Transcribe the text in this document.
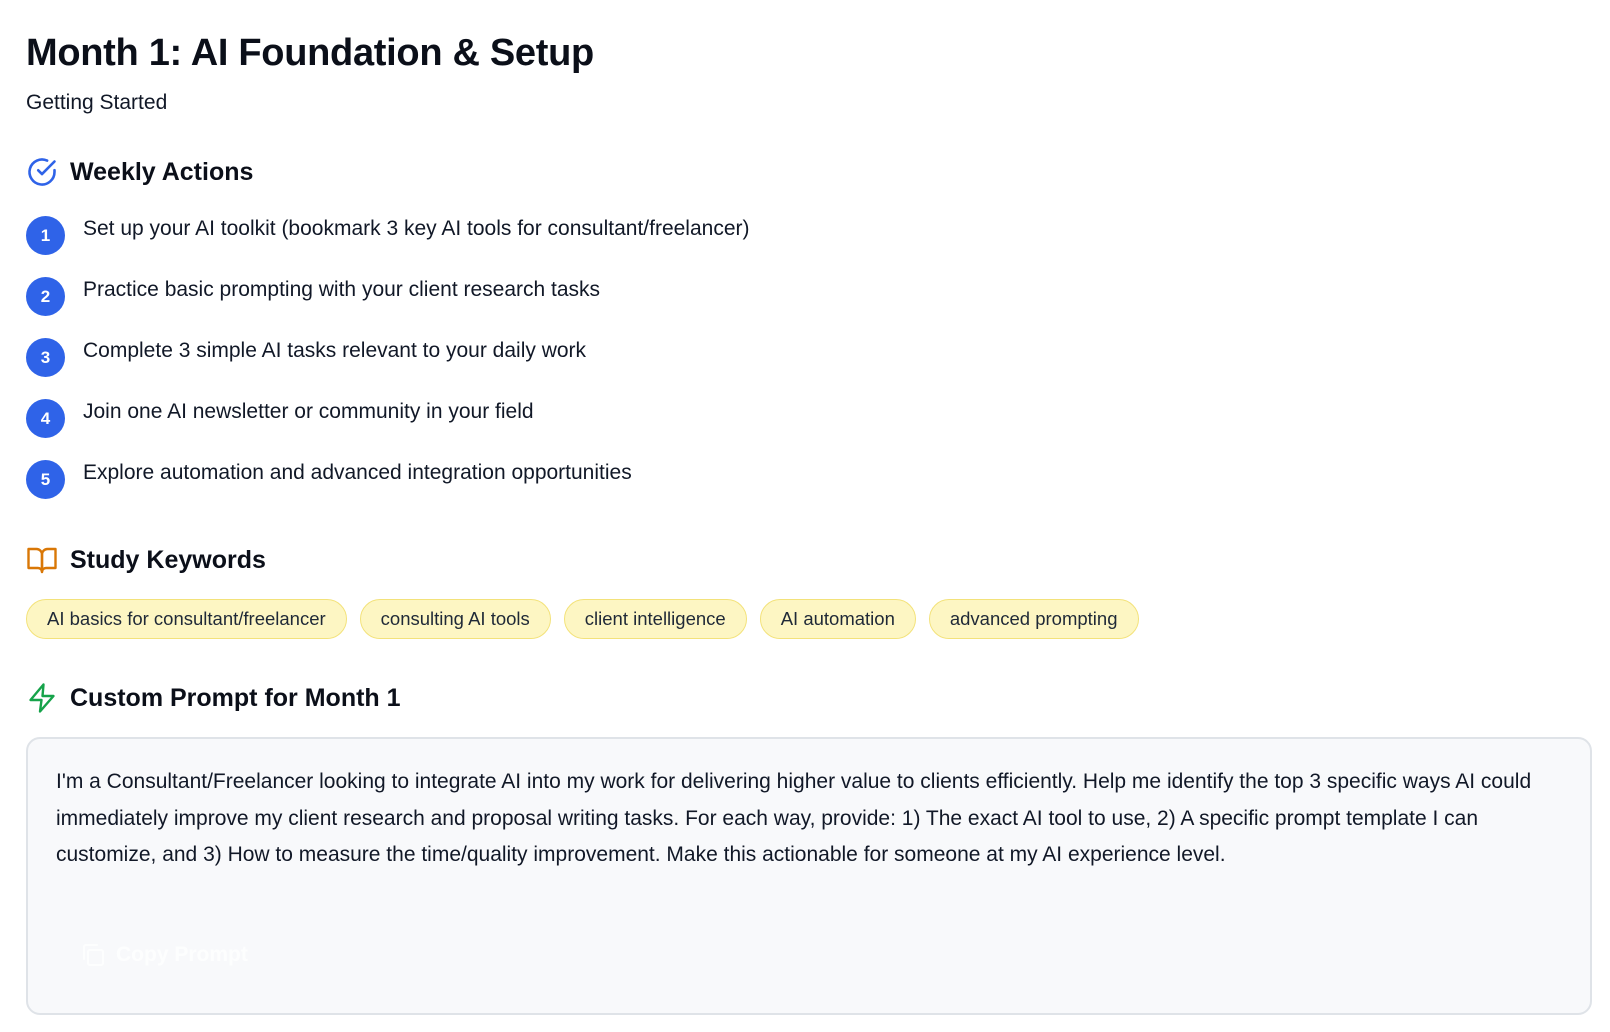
Month 1: AI Foundation & Setup
Getting Started
Weekly Actions
1	Set up your AI toolkit (bookmark 3 key AI tools for consultant/freelancer)
2	Practice basic prompting with your client research tasks
3	Complete 3 simple AI tasks relevant to your daily work
4	Join one AI newsletter or community in your field
5	Explore automation and advanced integration opportunities
Study Keywords
AI basics for consultant/freelancer	consulting AI tools	client intelligence	AI automation	advanced prompting
Custom Prompt for Month 1

I'm a Consultant/Freelancer looking to integrate AI into my work for delivering higher value to clients efficiently. Help me identify the top 3 specific ways AI could immediately improve my client research and proposal writing tasks. For each way, provide: 1) The exact AI tool to use, 2) A specific prompt template I can customize, and 3) How to measure the time/quality improvement. Make this actionable for someone at my AI experience level.

Copy Prompt
